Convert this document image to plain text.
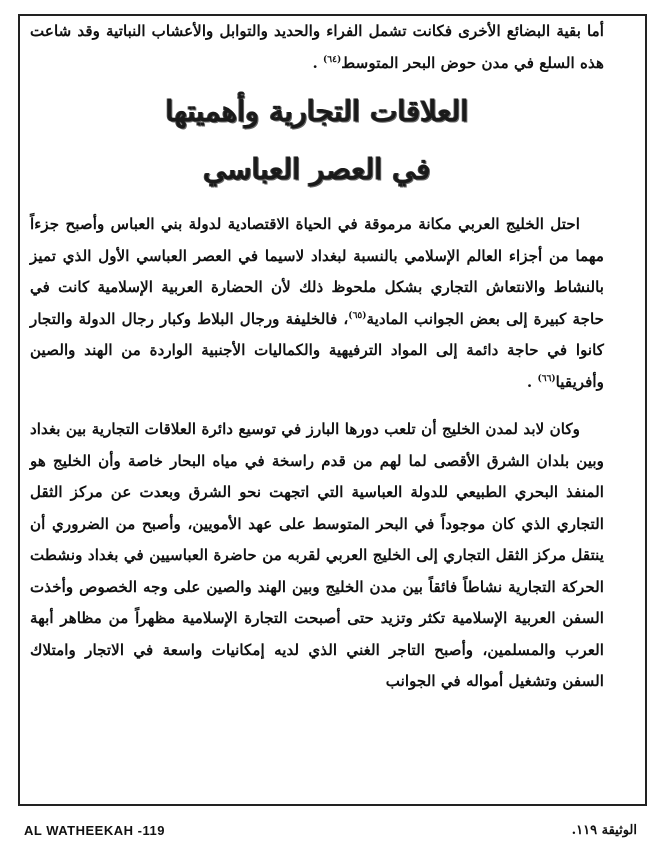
أما بقية البضائع الأخرى فكانت تشمل الفراء والحديد والتوابل والأعشاب النباتية وقد شاعت هذه السلع في مدن حوض البحر المتوسط$^{(٦٤)}$ .

العلاقات التجارية وأهميتها
في العصر العباسي

احتل الخليج العربي مكانة مرموقة في الحياة الاقتصادية لدولة بني العباس وأصبح جزءاً مهما من أجزاء العالم الإسلامي بالنسبة لبغداد لاسيما في العصر العباسي الأول الذي تميز بالنشاط والانتعاش التجاري بشكل ملحوظ ذلك لأن الحضارة العربية الإسلامية كانت في حاجة كبيرة إلى بعض الجوانب المادية$^{(٦٥)}$، فالخليفة ورجال البلاط وكبار رجال الدولة والتجار كانوا في حاجة دائمة إلى المواد الترفيهية والكماليات الأجنبية الواردة من الهند والصين وأفريقيا$^{(٦٦)}$ .

وكان لابد لمدن الخليج أن تلعب دورها البارز في توسيع دائرة العلاقات التجارية بين بغداد وبين بلدان الشرق الأقصى لما لهم من قدم راسخة في مياه البحار خاصة وأن الخليج هو المنفذ البحري الطبيعي للدولة العباسية التي اتجهت نحو الشرق وبعدت عن مركز الثقل التجاري الذي كان موجوداً في البحر المتوسط على عهد الأمويين، وأصبح من الضروري أن ينتقل مركز الثقل التجاري إلى الخليج العربي لقربه من حاضرة العباسيين في بغداد ونشطت الحركة التجارية نشاطاً فائقاً بين مدن الخليج وبين الهند والصين على وجه الخصوص وأخذت السفن العربية الإسلامية تكثر وتزيد حتى أصبحت التجارة الإسلامية مظهراً من مظاهر أبهة العرب والمسلمين، وأصبح التاجر الغني الذي لديه إمكانيات واسعة في الاتجار وامتلاك السفن وتشغيل أمواله في الجوانب

AL WATHEEKAH -119	الوثيقة ١١٩.
